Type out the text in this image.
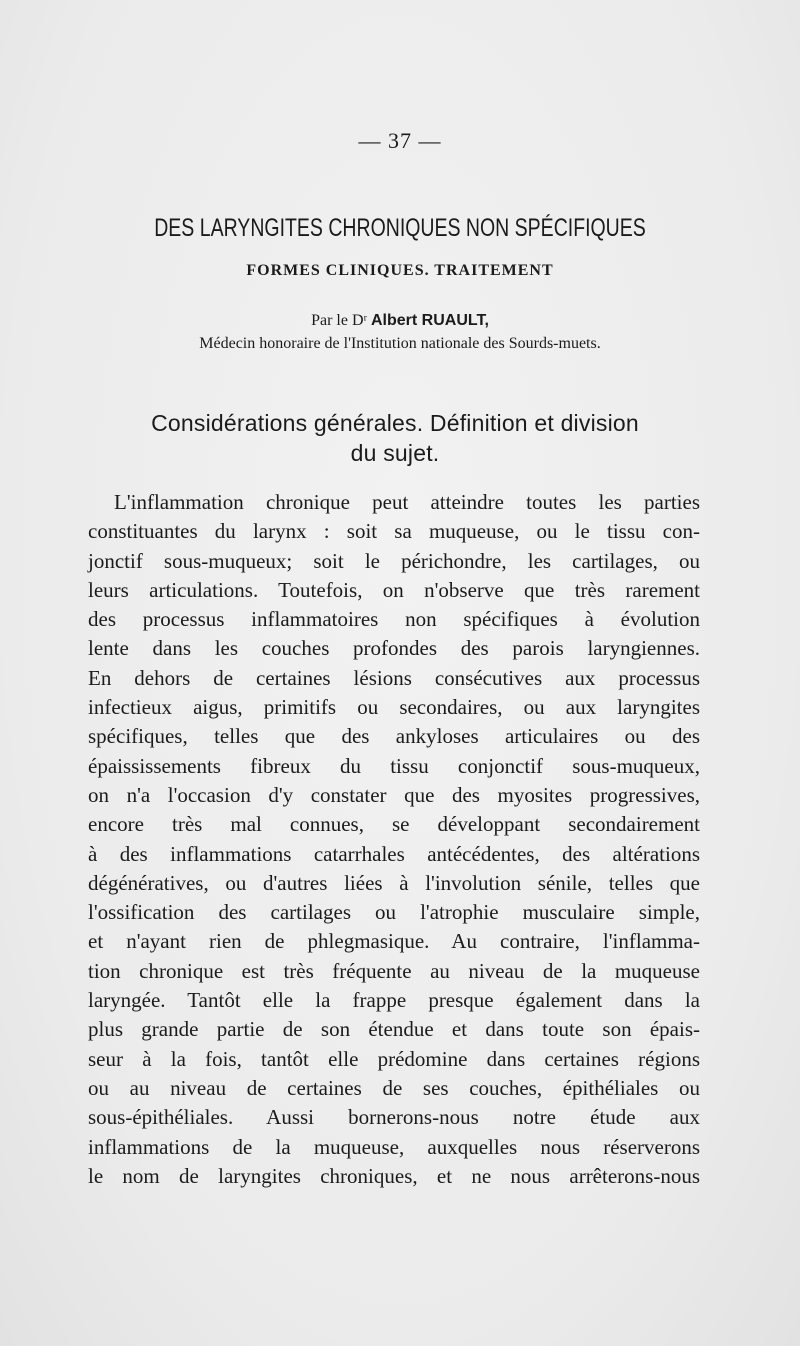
— 37 —
DES LARYNGITES CHRONIQUES NON SPÉCIFIQUES
FORMES CLINIQUES. TRAITEMENT
Par le Dʳ Albert RUAULT,
Médecin honoraire de l'Institution nationale des Sourds-muets.
Considérations générales. Définition et division
du sujet.
L'inflammation chronique peut atteindre toutes les parties
constituantes du larynx : soit sa muqueuse, ou le tissu con-
jonctif sous-muqueux; soit le périchondre, les cartilages, ou
leurs articulations. Toutefois, on n'observe que très rarement
des processus inflammatoires non spécifiques à évolution
lente dans les couches profondes des parois laryngiennes.
En dehors de certaines lésions consécutives aux processus
infectieux aigus, primitifs ou secondaires, ou aux laryngites
spécifiques, telles que des ankyloses articulaires ou des
épaississements fibreux du tissu conjonctif sous-muqueux,
on n'a l'occasion d'y constater que des myosites progressives,
encore très mal connues, se développant secondairement
à des inflammations catarrhales antécédentes, des altérations
dégénératives, ou d'autres liées à l'involution sénile, telles que
l'ossification des cartilages ou l'atrophie musculaire simple,
et n'ayant rien de phlegmasique. Au contraire, l'inflamma-
tion chronique est très fréquente au niveau de la muqueuse
laryngée. Tantôt elle la frappe presque également dans la
plus grande partie de son étendue et dans toute son épais-
seur à la fois, tantôt elle prédomine dans certaines régions
ou au niveau de certaines de ses couches, épithéliales ou
sous-épithéliales. Aussi bornerons-nous notre étude aux
inflammations de la muqueuse, auxquelles nous réserverons
le nom de laryngites chroniques, et ne nous arrêterons-nous
